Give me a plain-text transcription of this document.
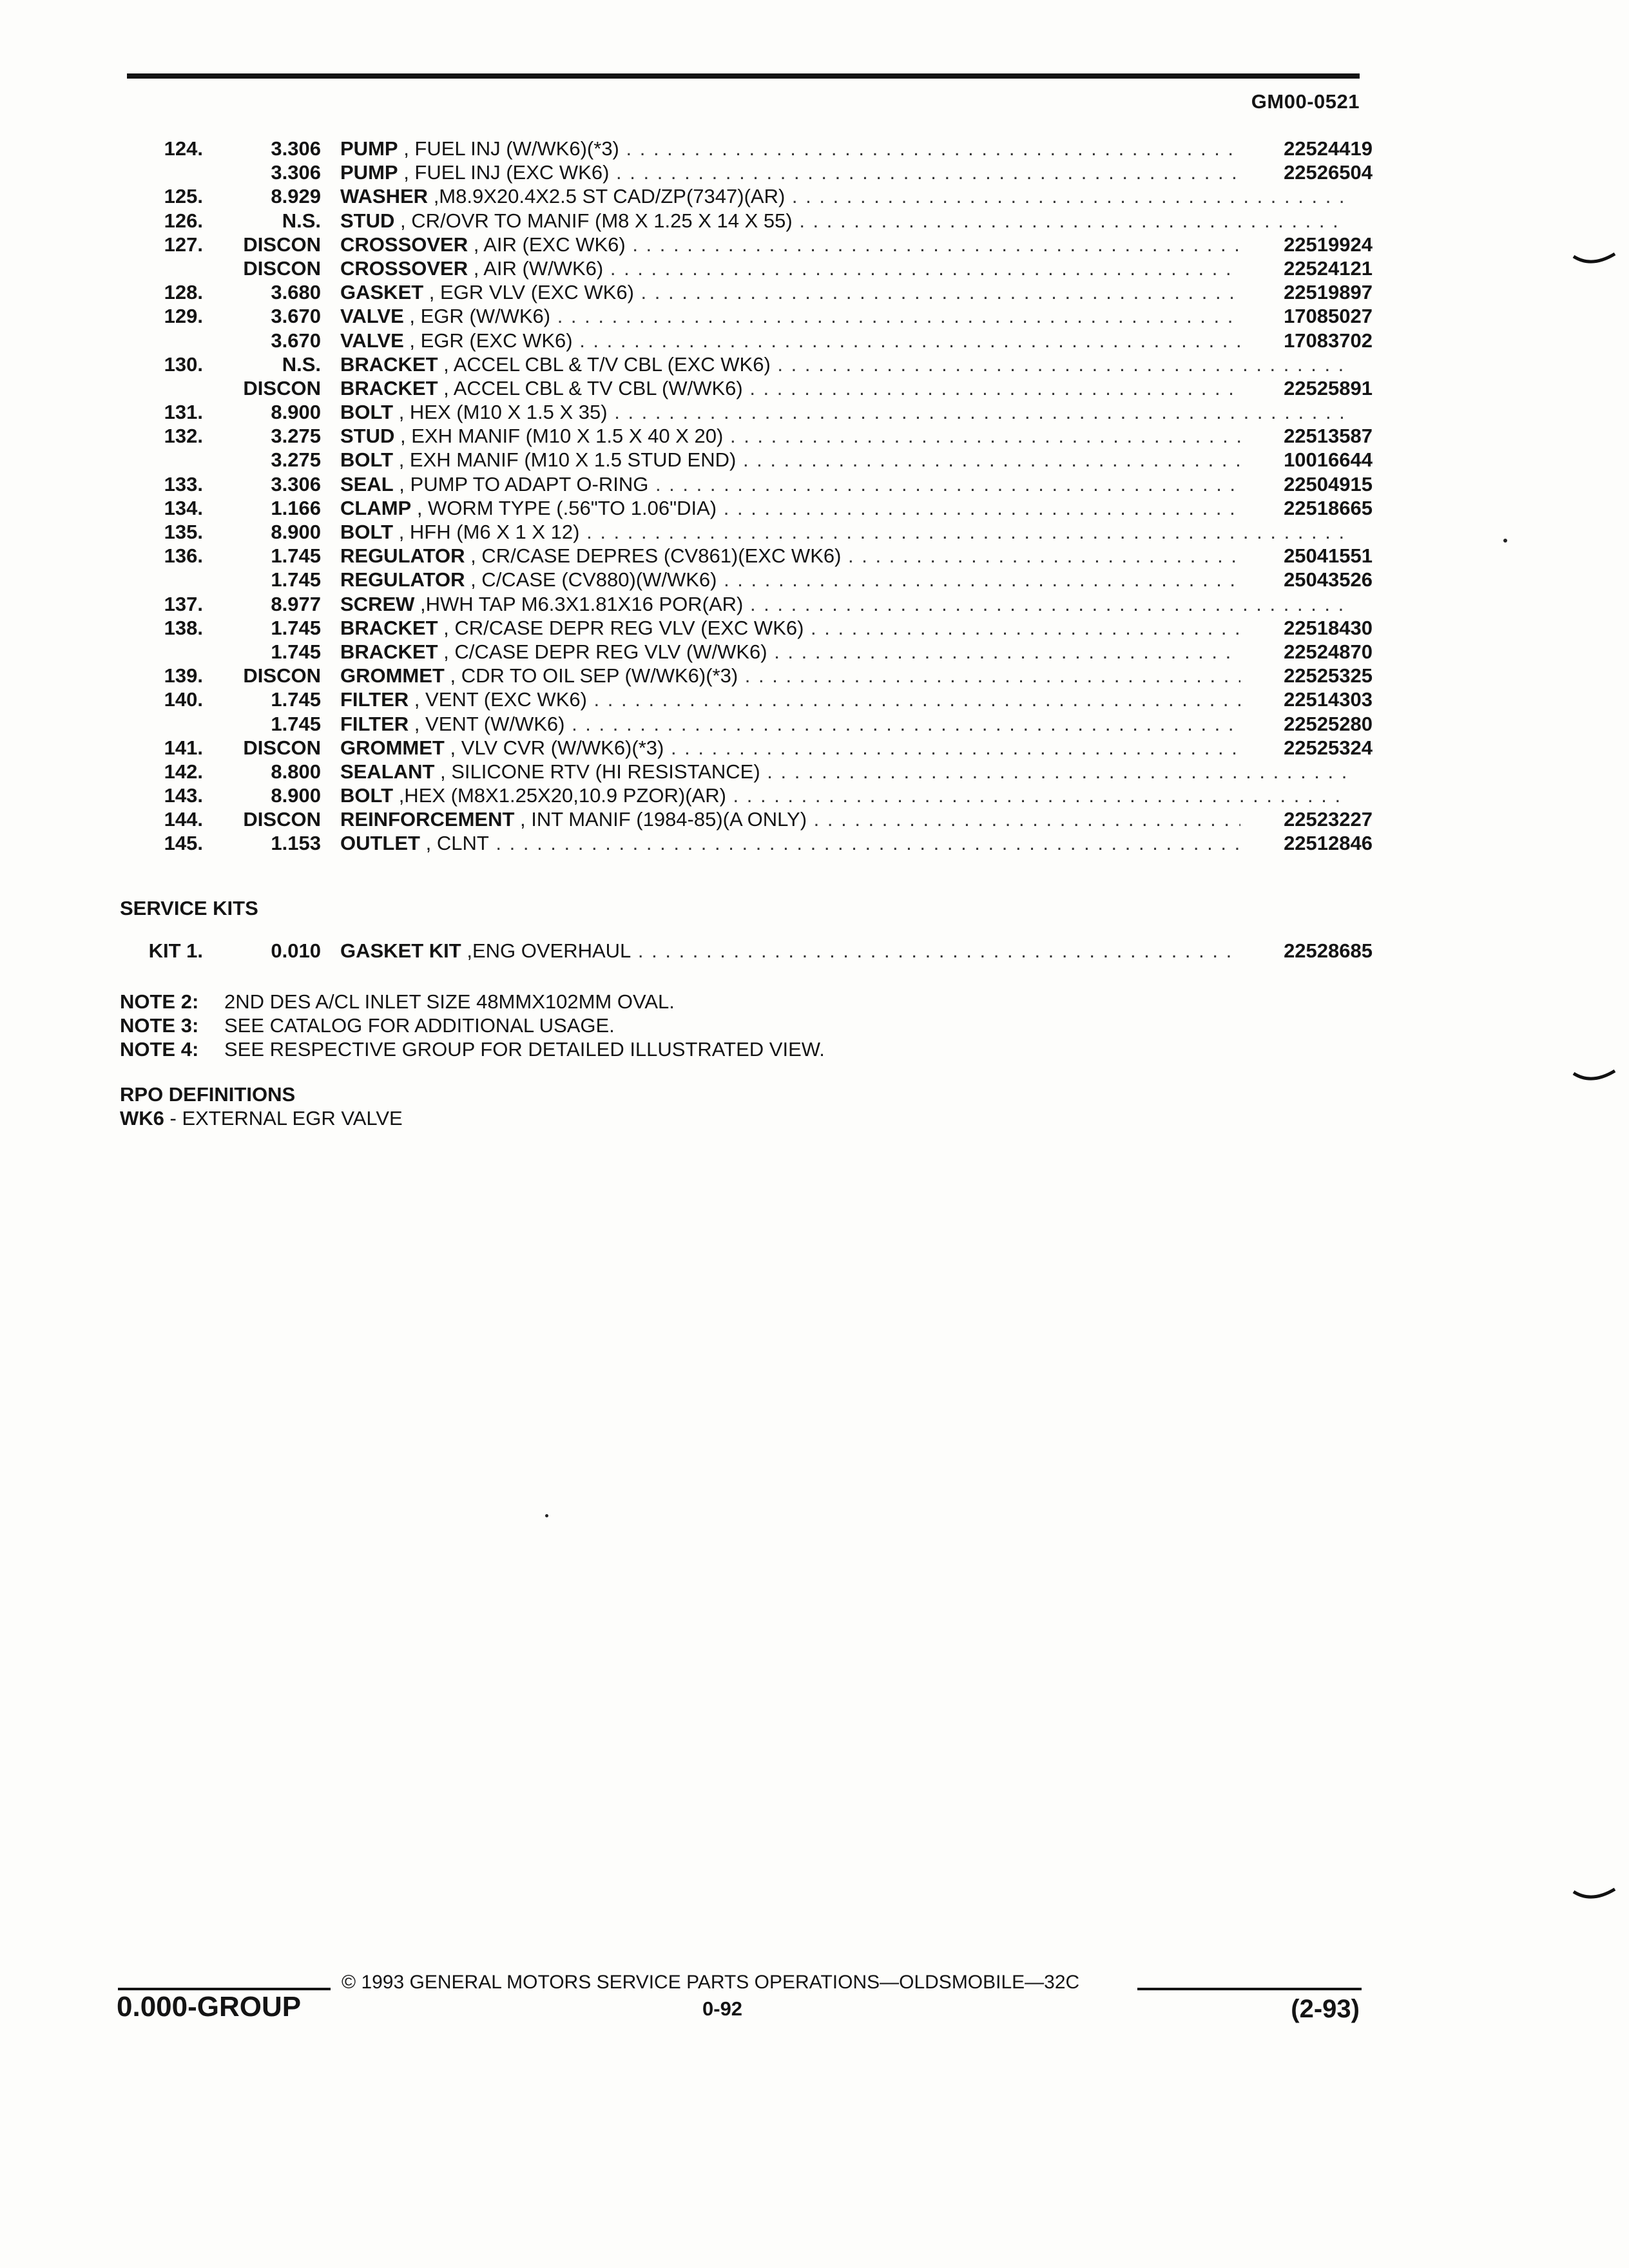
GM00-0521
124.	3.306 PUMP , FUEL INJ (W/WK6)(*3) . . .	22524419
3.306 PUMP , FUEL INJ (EXC WK6) . . .	22526504
125.	8.929 WASHER ,M8.9X20.4X2.5 ST CAD/ZP(7347)(AR) . . .
126.	N.S. STUD , CR/OVR TO MANIF (M8 X 1.25 X 14 X 55) . . .
127.	DISCON CROSSOVER , AIR (EXC WK6) . . .	22519924
DISCON CROSSOVER , AIR (W/WK6) . . .	22524121
128.	3.680 GASKET , EGR VLV (EXC WK6) . . .	22519897
129.	3.670 VALVE , EGR (W/WK6) . . .	17085027
3.670 VALVE , EGR (EXC WK6) . . .	17083702
130.	N.S. BRACKET , ACCEL CBL & T/V CBL (EXC WK6) . . .
DISCON BRACKET , ACCEL CBL & TV CBL (W/WK6) . . .	22525891
131.	8.900 BOLT , HEX (M10 X 1.5 X 35) . . .
132.	3.275 STUD , EXH MANIF (M10 X 1.5 X 40 X 20) . . .	22513587
3.275 BOLT , EXH MANIF (M10 X 1.5 STUD END) . . .	10016644
133.	3.306 SEAL , PUMP TO ADAPT O-RING . . .	22504915
134.	1.166 CLAMP , WORM TYPE (.56"TO 1.06"DIA) . . .	22518665
135.	8.900 BOLT , HFH (M6 X 1 X 12) . . .
136.	1.745 REGULATOR , CR/CASE DEPRES (CV861)(EXC WK6) . . .	25041551
1.745 REGULATOR , C/CASE (CV880)(W/WK6) . . .	25043526
137.	8.977 SCREW ,HWH TAP M6.3X1.81X16 POR(AR) . . .
138.	1.745 BRACKET , CR/CASE DEPR REG VLV (EXC WK6) . . .	22518430
1.745 BRACKET , C/CASE DEPR REG VLV (W/WK6) . . .	22524870
139.	DISCON GROMMET , CDR TO OIL SEP (W/WK6)(*3) . . .	22525325
140.	1.745 FILTER , VENT (EXC WK6) . . .	22514303
1.745 FILTER , VENT (W/WK6) . . .	22525280
141.	DISCON GROMMET , VLV CVR (W/WK6)(*3) . . .	22525324
142.	8.800 SEALANT , SILICONE RTV (HI RESISTANCE) . . .
143.	8.900 BOLT ,HEX (M8X1.25X20,10.9 PZOR)(AR) . . .
144.	DISCON REINFORCEMENT , INT MANIF (1984-85)(A ONLY) . . .	22523227
145.	1.153 OUTLET , CLNT . . .	22512846
SERVICE KITS
KIT 1.	0.010 GASKET KIT ,ENG OVERHAUL . . .	22528685
NOTE 2: 2ND DES A/CL INLET SIZE 48MMX102MM OVAL.
NOTE 3: SEE CATALOG FOR ADDITIONAL USAGE.
NOTE 4: SEE RESPECTIVE GROUP FOR DETAILED ILLUSTRATED VIEW.
RPO DEFINITIONS
WK6 - EXTERNAL EGR VALVE
© 1993 GENERAL MOTORS SERVICE PARTS OPERATIONS—OLDSMOBILE—32C
0.000-GROUP	0-92	(2-93)
